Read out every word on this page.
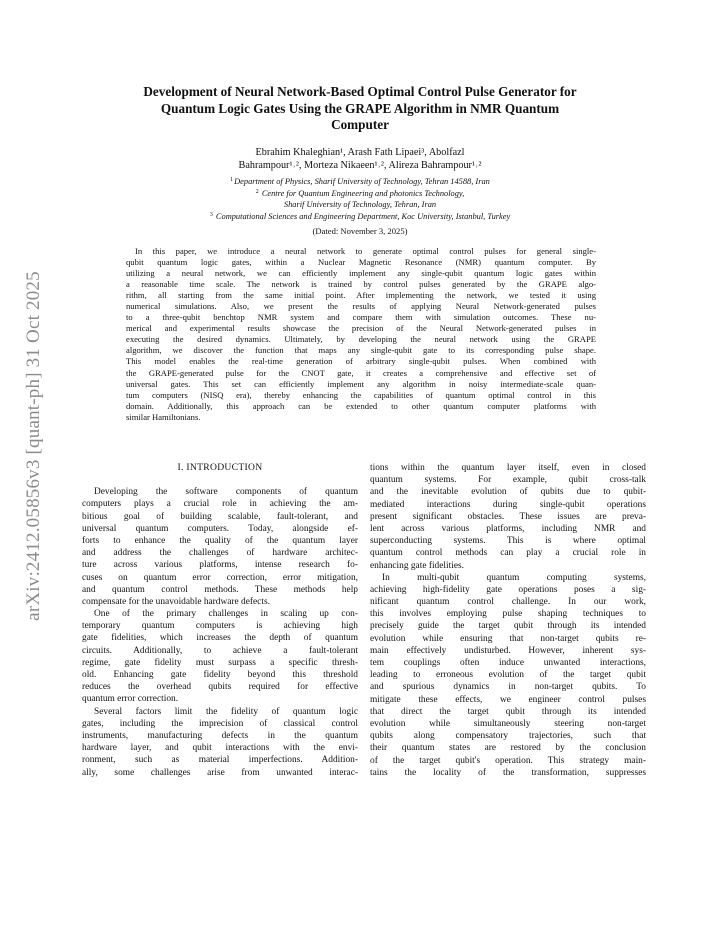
arXiv:2412.05856v3 [quant-ph] 31 Oct 2025
Development of Neural Network-Based Optimal Control Pulse Generator for
Quantum Logic Gates Using the GRAPE Algorithm in NMR Quantum
Computer
Ebrahim Khaleghian¹, Arash Fath Lipaei³, Abolfazl
Bahrampour¹˒², Morteza Nikaeen¹˒², Alireza Bahrampour¹˒²
$^1$Department of Physics, Sharif University of Technology, Tehran 14588, Iran
$^2$ Centre for Quantum Engineering and photonics Technology,
Sharif University of Technology, Tehran, Iran
$^3$ Computational Sciences and Engineering Department, Koc University, Istanbul, Turkey
(Dated: November 3, 2025)
In this paper, we introduce a neural network to generate optimal control pulses for general single-
qubit quantum logic gates, within a Nuclear Magnetic Resonance (NMR) quantum computer. By
utilizing a neural network, we can efficiently implement any single-qubit quantum logic gates within
a reasonable time scale. The network is trained by control pulses generated by the GRAPE algo-
rithm, all starting from the same initial point. After implementing the network, we tested it using
numerical simulations. Also, we present the results of applying Neural Network-generated pulses
to a three-qubit benchtop NMR system and compare them with simulation outcomes. These nu-
merical and experimental results showcase the precision of the Neural Network-generated pulses in
executing the desired dynamics. Ultimately, by developing the neural network using the GRAPE
algorithm, we discover the function that maps any single-qubit gate to its corresponding pulse shape.
This model enables the real-time generation of arbitrary single-qubit pulses. When combined with
the GRAPE-generated pulse for the CNOT gate, it creates a comprehensive and effective set of
universal gates. This set can efficiently implement any algorithm in noisy intermediate-scale quan-
tum computers (NISQ era), thereby enhancing the capabilities of quantum optimal control in this
domain. Additionally, this approach can be extended to other quantum computer platforms with
similar Hamiltonians.
I. INTRODUCTION
Developing the software components of quantum
computers plays a crucial role in achieving the am-
bitious goal of building scalable, fault-tolerant, and
universal quantum computers. Today, alongside ef-
forts to enhance the quality of the quantum layer
and address the challenges of hardware architec-
ture across various platforms, intense research fo-
cuses on quantum error correction, error mitigation,
and quantum control methods. These methods help
compensate for the unavoidable hardware defects.
One of the primary challenges in scaling up con-
temporary quantum computers is achieving high
gate fidelities, which increases the depth of quantum
circuits. Additionally, to achieve a fault-tolerant
regime, gate fidelity must surpass a specific thresh-
old. Enhancing gate fidelity beyond this threshold
reduces the overhead qubits required for effective
quantum error correction.
Several factors limit the fidelity of quantum logic
gates, including the imprecision of classical control
instruments, manufacturing defects in the quantum
hardware layer, and qubit interactions with the envi-
ronment, such as material imperfections. Addition-
ally, some challenges arise from unwanted interac-
tions within the quantum layer itself, even in closed
quantum systems. For example, qubit cross-talk
and the inevitable evolution of qubits due to qubit-
mediated interactions during single-qubit operations
present significant obstacles. These issues are preva-
lent across various platforms, including NMR and
superconducting systems. This is where optimal
quantum control methods can play a crucial role in
enhancing gate fidelities.
In multi-qubit quantum computing systems,
achieving high-fidelity gate operations poses a sig-
nificant quantum control challenge. In our work,
this involves employing pulse shaping techniques to
precisely guide the target qubit through its intended
evolution while ensuring that non-target qubits re-
main effectively undisturbed. However, inherent sys-
tem couplings often induce unwanted interactions,
leading to erroneous evolution of the target qubit
and spurious dynamics in non-target qubits. To
mitigate these effects, we engineer control pulses
that direct the target qubit through its intended
evolution while simultaneously steering non-target
qubits along compensatory trajectories, such that
their quantum states are restored by the conclusion
of the target qubit's operation. This strategy main-
tains the locality of the transformation, suppresses
